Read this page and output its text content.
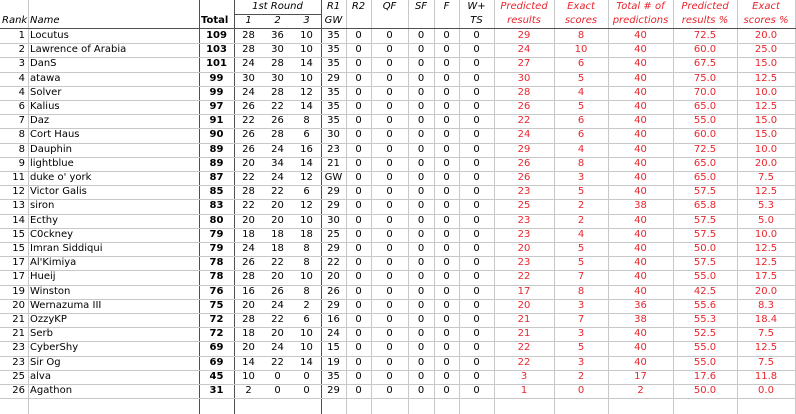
1st Round	R1	R2	QF	SF	F	W+	Predicted	Exact	Total # of	Predicted	Exact
Rank Name	Total	1	2	3	GW	TS	results	scores	predictions	results %	scores %
1 Locutus	109	28	36	10	35	0	0	0	0	0	29	8	40	72.5	20.0
2 Lawrence of Arabia	103	28	30	10	35	0	0	0	0	0	24	10	40	60.0	25.0
3 DanS	101	24	28	14	35	0	0	0	0	0	27	6	40	67.5	15.0
4 atawa	99	30	30	10	29	0	0	0	0	0	30	5	40	75.0	12.5
4 Solver	99	24	28	12	35	0	0	0	0	0	28	4	40	70.0	10.0
6 Kalius	97	26	22	14	35	0	0	0	0	0	26	5	40	65.0	12.5
7 Daz	91	22	26	8	35	0	0	0	0	0	22	6	40	55.0	15.0
8 Cort Haus	90	26	28	6	30	0	0	0	0	0	24	6	40	60.0	15.0
8 Dauphin	89	26	24	16	23	0	0	0	0	0	29	4	40	72.5	10.0
9 lightblue	89	20	34	14	21	0	0	0	0	0	26	8	40	65.0	20.0
11 duke o' york	87	22	24	12	GW	0	0	0	0	0	26	3	40	65.0	7.5
12 Victor Galis	85	28	22	6	29	0	0	0	0	0	23	5	40	57.5	12.5
13 siron	83	22	20	12	29	0	0	0	0	0	25	2	38	65.8	5.3
14 Ecthy	80	20	20	10	30	0	0	0	0	0	23	2	40	57.5	5.0
15 C0ckney	79	18	18	18	25	0	0	0	0	0	23	4	40	57.5	10.0
15 Imran Siddiqui	79	24	18	8	29	0	0	0	0	0	20	5	40	50.0	12.5
17 Al'Kimiya	78	26	22	8	22	0	0	0	0	0	23	5	40	57.5	12.5
17 Hueij	78	28	20	10	20	0	0	0	0	0	22	7	40	55.0	17.5
19 Winston	76	16	26	8	26	0	0	0	0	0	17	8	40	42.5	20.0
20 Wernazuma III	75	20	24	2	29	0	0	0	0	0	20	3	36	55.6	8.3
21 OzzyKP	72	28	22	6	16	0	0	0	0	0	21	7	38	55.3	18.4
21 Serb	72	18	20	10	24	0	0	0	0	0	21	3	40	52.5	7.5
23 CyberShy	69	20	24	10	15	0	0	0	0	0	22	5	40	55.0	12.5
23 Sir Og	69	14	22	14	19	0	0	0	0	0	22	3	40	55.0	7.5
25 alva	45	10	0	0	35	0	0	0	0	0	3	2	17	17.6	11.8
26 Agathon	31	2	0	0	29	0	0	0	0	0	1	0	2	50.0	0.0
